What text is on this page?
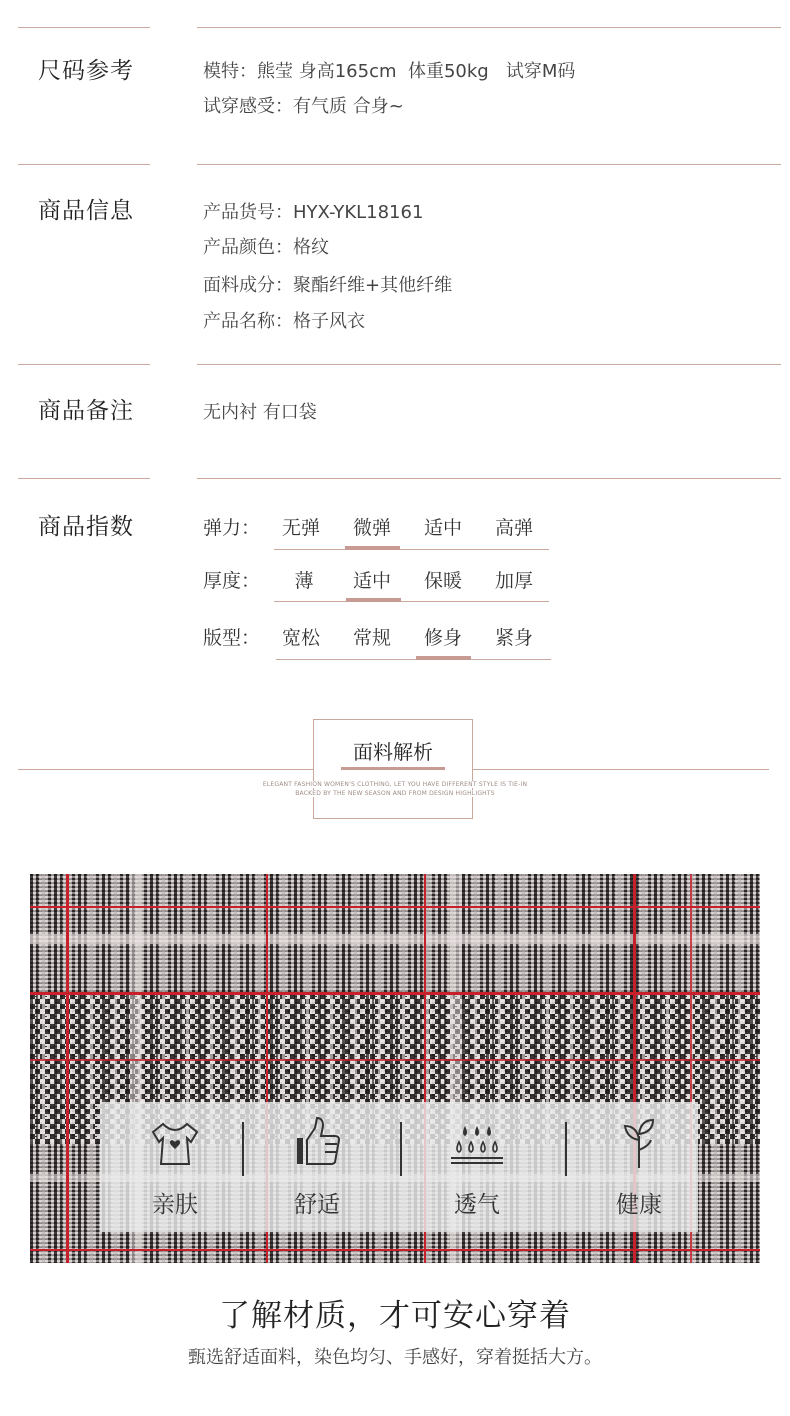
尺码参考	模特：熊莹 身高165cm  体重50kg   试穿M码
试穿感受：有气质 合身~
商品信息	产品货号：HYX-YKL18161
产品颜色：格纹
面料成分：聚酯纤维+其他纤维
产品名称：格子风衣
商品备注	无内衬 有口袋
商品指数	弹力：	无弹	微弹	适中	高弹
厚度：	薄	适中	保暖	加厚
版型：	宽松	常规	修身	紧身
面料解析
ELEGANT FASHION WOMEN'S CLOTHING, LET YOU HAVE DIFFERENT STYLE IS TIE-IN
BACKED BY THE NEW SEASON AND FROM DESIGN HIGHLIGHTS
亲肤	舒适	透气	健康
了解材质，才可安心穿着
甄选舒适面料，染色均匀、手感好，穿着挺括大方。
